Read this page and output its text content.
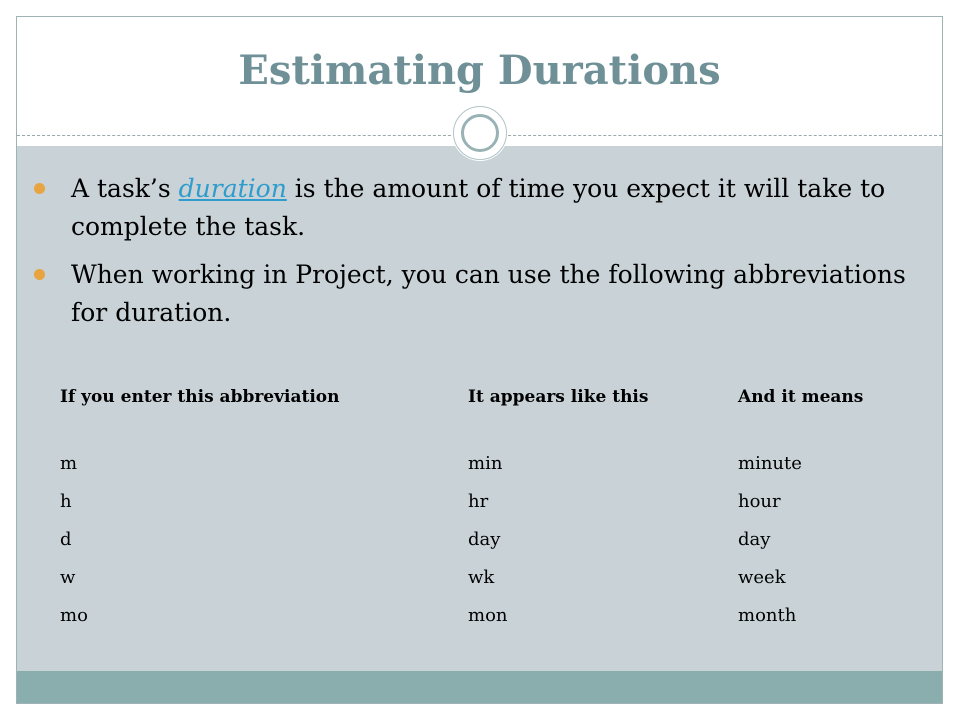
Estimating Durations
A task’s duration is the amount of time you expect it will take to complete the task.
When working in Project, you can use the following abbreviations for duration.
If you enter this abbreviation	It appears like this	And it means

m	min	minute
h	hr	hour
d	day	day
w	wk	week
mo	mon	month
